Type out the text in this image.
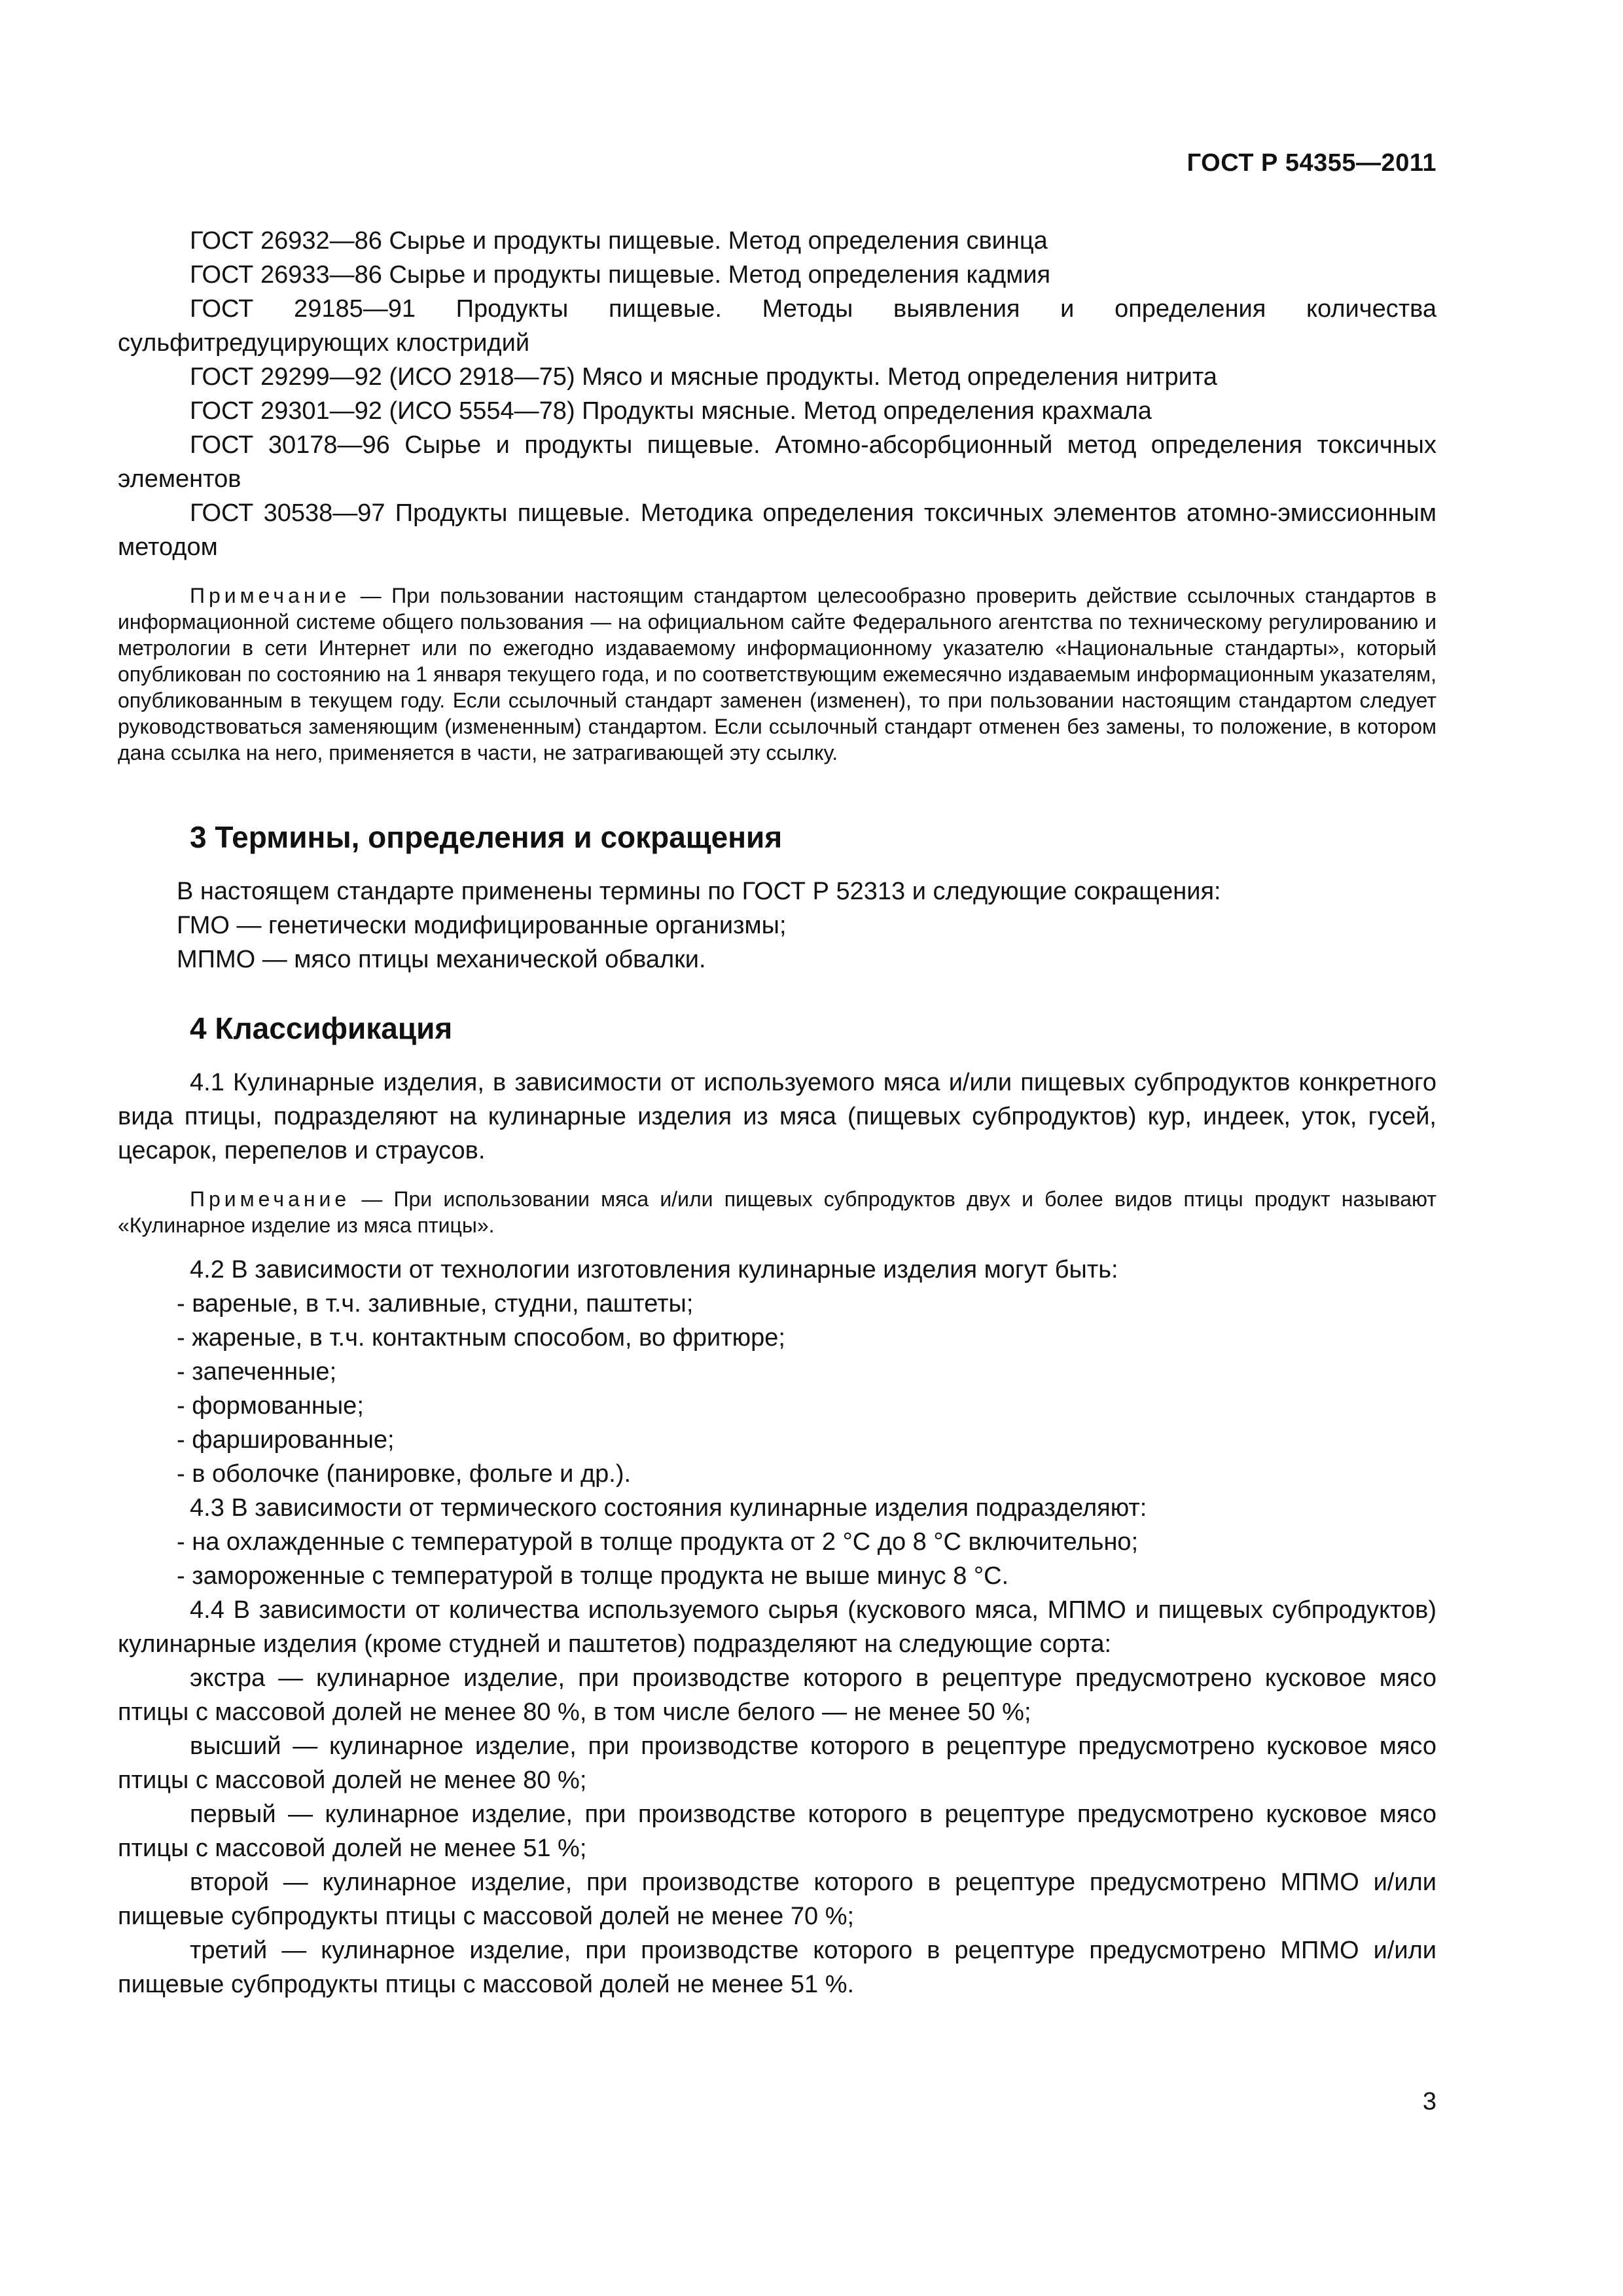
ГОСТ Р 54355—2011

ГОСТ 26932—86 Сырье и продукты пищевые. Метод определения свинца

ГОСТ 26933—86 Сырье и продукты пищевые. Метод определения кадмия

ГОСТ 29185—91 Продукты пищевые. Методы выявления и определения количества сульфитредуцирующих клостридий

ГОСТ 29299—92 (ИСО 2918—75) Мясо и мясные продукты. Метод определения нитрита

ГОСТ 29301—92 (ИСО 5554—78) Продукты мясные. Метод определения крахмала

ГОСТ 30178—96 Сырье и продукты пищевые. Атомно-абсорбционный метод определения токсичных элементов

ГОСТ 30538—97 Продукты пищевые. Методика определения токсичных элементов атомно-эмиссионным методом

Примечание — При пользовании настоящим стандартом целесообразно проверить действие ссылочных стандартов в информационной системе общего пользования — на официальном сайте Федерального агентства по техническому регулированию и метрологии в сети Интернет или по ежегодно издаваемому информационному указателю «Национальные стандарты», который опубликован по состоянию на 1 января текущего года, и по соответствующим ежемесячно издаваемым информационным указателям, опубликованным в текущем году. Если ссылочный стандарт заменен (изменен), то при пользовании настоящим стандартом следует руководствоваться заменяющим (измененным) стандартом. Если ссылочный стандарт отменен без замены, то положение, в котором дана ссылка на него, применяется в части, не затрагивающей эту ссылку.

3 Термины, определения и сокращения

В настоящем стандарте применены термины по ГОСТ Р 52313 и следующие сокращения:

ГМО — генетически модифицированные организмы;

МПМО — мясо птицы механической обвалки.

4 Классификация

4.1 Кулинарные изделия, в зависимости от используемого мяса и/или пищевых субпродуктов конкретного вида птицы, подразделяют на кулинарные изделия из мяса (пищевых субпродуктов) кур, индеек, уток, гусей, цесарок, перепелов и страусов.

Примечание — При использовании мяса и/или пищевых субпродуктов двух и более видов птицы продукт называют «Кулинарное изделие из мяса птицы».

4.2 В зависимости от технологии изготовления кулинарные изделия могут быть:

- вареные, в т.ч. заливные, студни, паштеты;

- жареные, в т.ч. контактным способом, во фритюре;

- запеченные;

- формованные;

- фаршированные;

- в оболочке (панировке, фольге и др.).

4.3 В зависимости от термического состояния кулинарные изделия подразделяют:

- на охлажденные с температурой в толще продукта от 2 °С до 8 °С включительно;

- замороженные с температурой в толще продукта не выше минус 8 °С.

4.4 В зависимости от количества используемого сырья (кускового мяса, МПМО и пищевых субпродуктов) кулинарные изделия (кроме студней и паштетов) подразделяют на следующие сорта:

экстра — кулинарное изделие, при производстве которого в рецептуре предусмотрено кусковое мясо птицы с массовой долей не менее 80 %, в том числе белого — не менее 50 %;

высший — кулинарное изделие, при производстве которого в рецептуре предусмотрено кусковое мясо птицы с массовой долей не менее 80 %;

первый — кулинарное изделие, при производстве которого в рецептуре предусмотрено кусковое мясо птицы с массовой долей не менее 51 %;

второй — кулинарное изделие, при производстве которого в рецептуре предусмотрено МПМО и/или пищевые субпродукты птицы с массовой долей не менее 70 %;

третий — кулинарное изделие, при производстве которого в рецептуре предусмотрено МПМО и/или пищевые субпродукты птицы с массовой долей не менее 51 %.

3
